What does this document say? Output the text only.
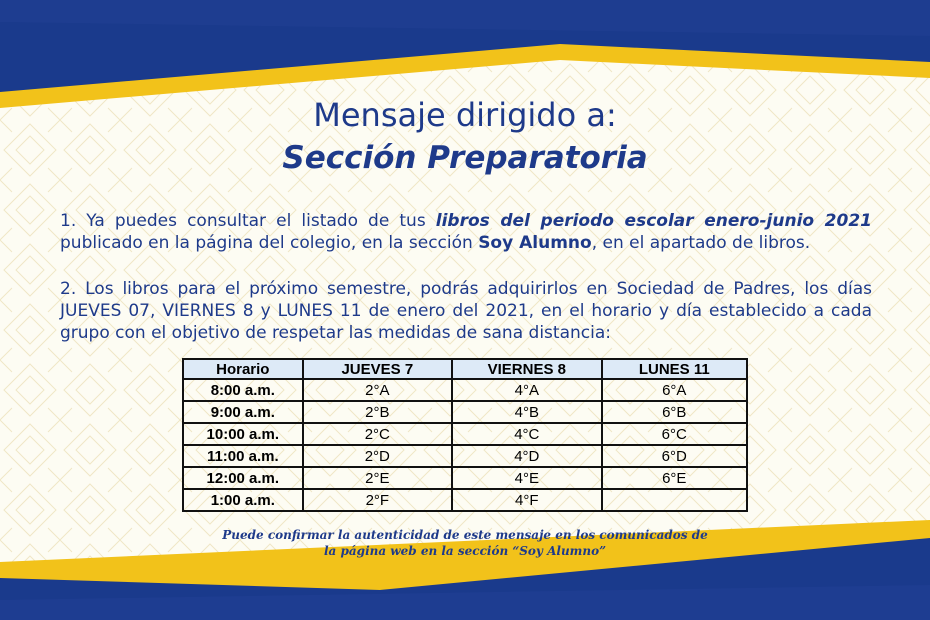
Mensaje dirigido a:
Sección Preparatoria
1. Ya puedes consultar el listado de tus libros del periodo escolar enero-junio 2021 publicado en la página del colegio, en la sección Soy Alumno, en el apartado de libros.
2. Los libros para el próximo semestre, podrás adquirirlos en Sociedad de Padres, los días JUEVES 07, VIERNES 8 y LUNES 11 de enero del 2021, en el horario y día establecido a cada grupo con el objetivo de respetar las medidas de sana distancia:
Horario	JUEVES 7	VIERNES 8	LUNES 11
8:00 a.m.	2°A	4°A	6°A
9:00 a.m.	2°B	4°B	6°B
10:00 a.m.	2°C	4°C	6°C
11:00 a.m.	2°D	4°D	6°D
12:00 a.m.	2°E	4°E	6°E
1:00 a.m.	2°F	4°F	
Puede confirmar la autenticidad de este mensaje en los comunicados de
la página web en la sección “Soy Alumno”
